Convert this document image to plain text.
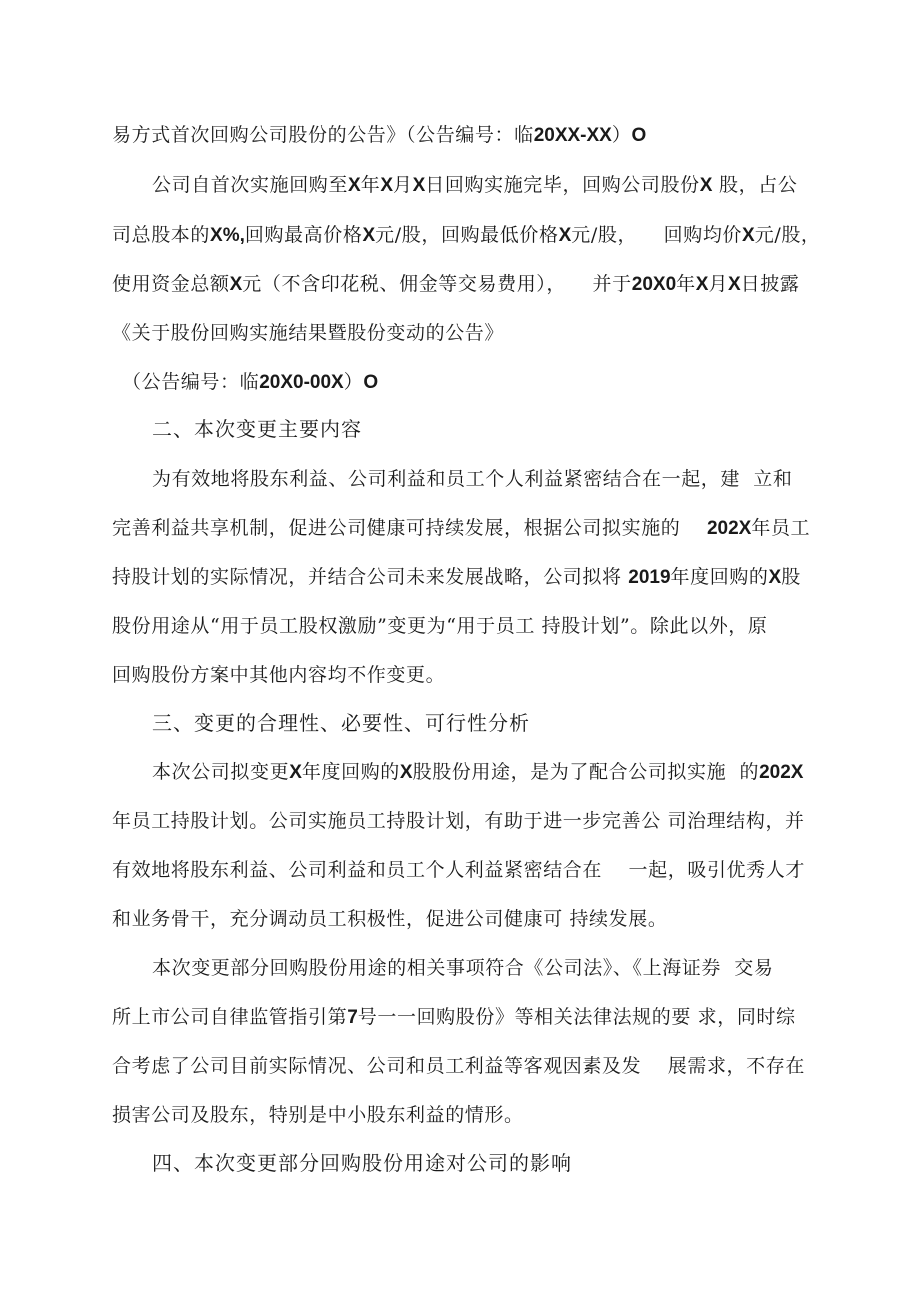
易方式首次回购公司股份的公告》（公告编号：临20XX-XX）O
公司自首次实施回购至X年X月X日回购实施完毕，回购公司股份X 股，占公
司总股本的X%,回购最高价格X元/股，回购最低价格X元/股，    回购均价X元/股，
使用资金总额X元（不含印花税、佣金等交易费用），    并于20X0年X月X日披露
《关于股份回购实施结果暨股份变动的公告》
（公告编号：临20X0-00X）O
二、本次变更主要内容
为有效地将股东利益、公司利益和员工个人利益紧密结合在一起，建  立和
完善利益共享机制，促进公司健康可持续发展，根据公司拟实施的    202X年员工
持股计划的实际情况，并结合公司未来发展战略，公司拟将 2019年度回购的X股
股份用途从“用于员工股权激励”变更为“用于员工 持股计划”。除此以外，原
回购股份方案中其他内容均不作变更。
三、变更的合理性、必要性、可行性分析
本次公司拟变更X年度回购的X股股份用途，是为了配合公司拟实施  的202X
年员工持股计划。公司实施员工持股计划，有助于进一步完善公 司治理结构，并
有效地将股东利益、公司利益和员工个人利益紧密结合在    一起，吸引优秀人才
和业务骨干，充分调动员工积极性，促进公司健康可 持续发展。
本次变更部分回购股份用途的相关事项符合《公司法》、《上海证券  交易
所上市公司自律监管指引第7号一一回购股份》等相关法律法规的要 求，同时综
合考虑了公司目前实际情况、公司和员工利益等客观因素及发    展需求，不存在
损害公司及股东，特别是中小股东利益的情形。
四、本次变更部分回购股份用途对公司的影响
